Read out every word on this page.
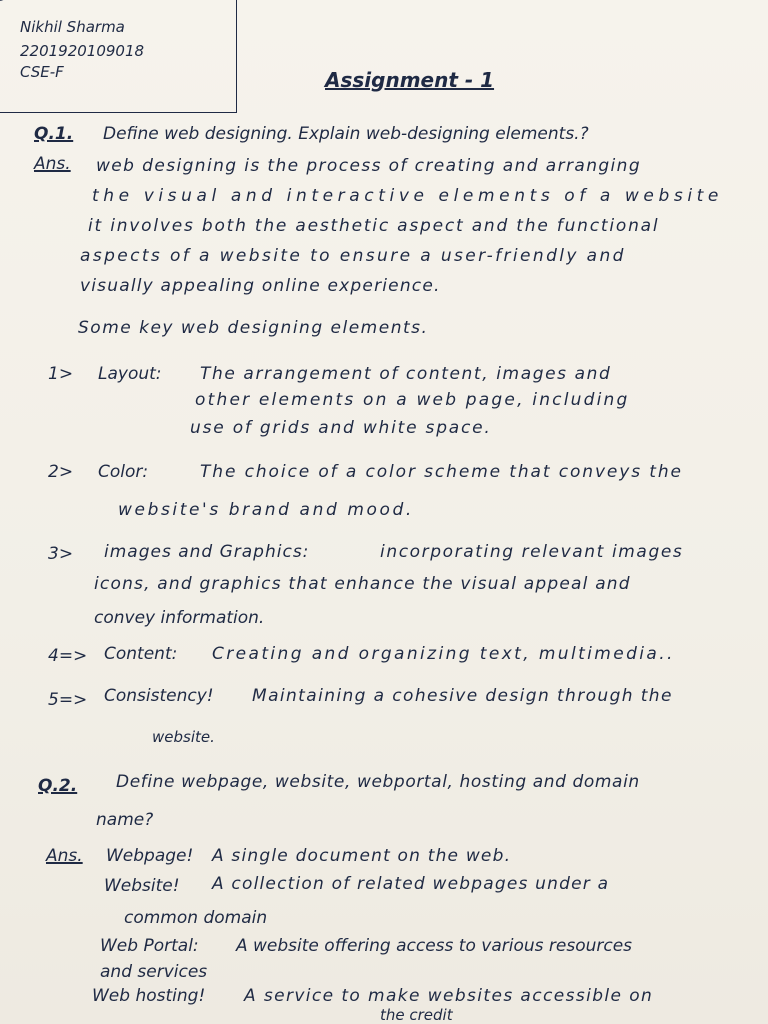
Nikhil Sharma
2201920109018
CSE-F	Assignment - 1
Q.1. Define web designing. Explain web-designing elements.?
Ans. web designing is the process of creating and arranging
the visual and interactive elements of a website
it involves both the aesthetic aspect and the functional
aspects of a website to ensure a user-friendly and
visually appealing online experience.
Some key web designing elements.
1> Layout: The arrangement of content, images and
other elements on a web page, including
use of grids and white space.
2> Color:	The choice of a color scheme that conveys the
website's brand and mood.
3> images and Graphics:	incorporating relevant images
icons, and graphics that enhance the visual appeal and
convey information.
4=> Content: Creating and organizing text, multimedia..
5=> Consistency! Maintaining a cohesive design through the
website.
Q.2. Define webpage, website, webportal, hosting and domain
name?
Ans. Webpage! A single document on the web.
Website! A collection of related webpages under a
common domain
Web Portal: A website offering access to various resources
and services
Web hosting! A service to make websites accessible on
the credit
